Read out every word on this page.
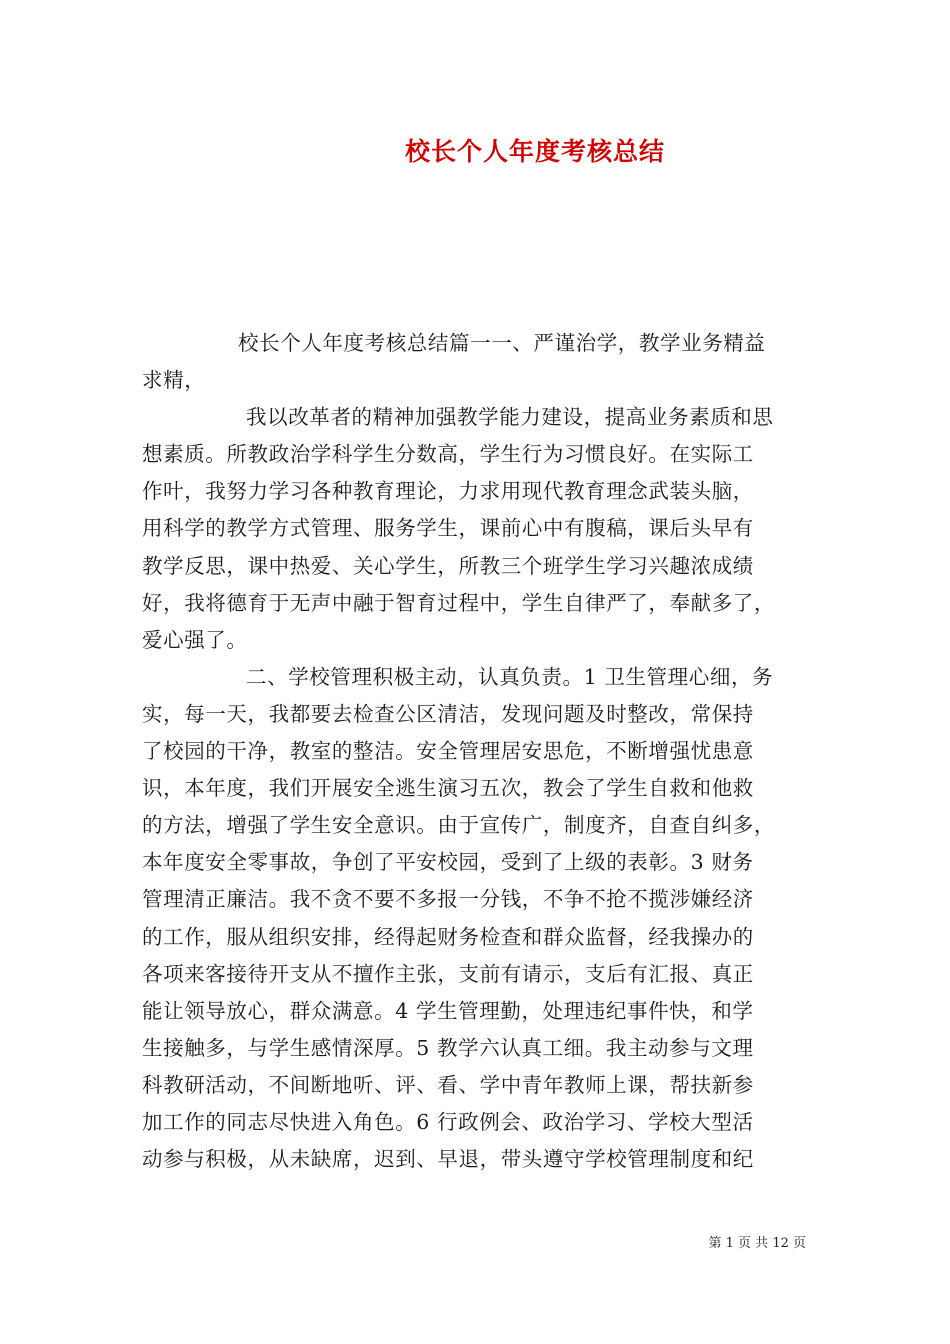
校长个人年度考核总结
校长个人年度考核总结篇一一、严谨治学，教学业务精益
求精，
我以改革者的精神加强教学能力建设，提高业务素质和思
想素质。所教政治学科学生分数高，学生行为习惯良好。在实际工
作叶，我努力学习各种教育理论，力求用现代教育理念武装头脑，
用科学的教学方式管理、服务学生，课前心中有腹稿，课后头早有
教学反思，课中热爱、关心学生，所教三个班学生学习兴趣浓成绩
好，我将德育于无声中融于智育过程中，学生自律严了，奉献多了，
爱心强了。
二、学校管理积极主动，认真负责。1 卫生管理心细，务
实，每一天，我都要去检查公区清洁，发现问题及时整改，常保持
了校园的干净，教室的整洁。安全管理居安思危，不断增强忧患意
识，本年度，我们开展安全逃生演习五次，教会了学生自救和他救
的方法，增强了学生安全意识。由于宣传广，制度齐，自查自纠多，
本年度安全零事故，争创了平安校园，受到了上级的表彰。3 财务
管理清正廉洁。我不贪不要不多报一分钱，不争不抢不揽涉嫌经济
的工作，服从组织安排，经得起财务检查和群众监督，经我操办的
各项来客接待开支从不擅作主张，支前有请示，支后有汇报、真正
能让领导放心，群众满意。4 学生管理勤，处理违纪事件快，和学
生接触多，与学生感情深厚。5 教学六认真工细。我主动参与文理
科教研活动，不间断地听、评、看、学中青年教师上课，帮扶新参
加工作的同志尽快进入角色。6 行政例会、政治学习、学校大型活
动参与积极，从未缺席，迟到、早退，带头遵守学校管理制度和纪
第 1 页 共 12 页
